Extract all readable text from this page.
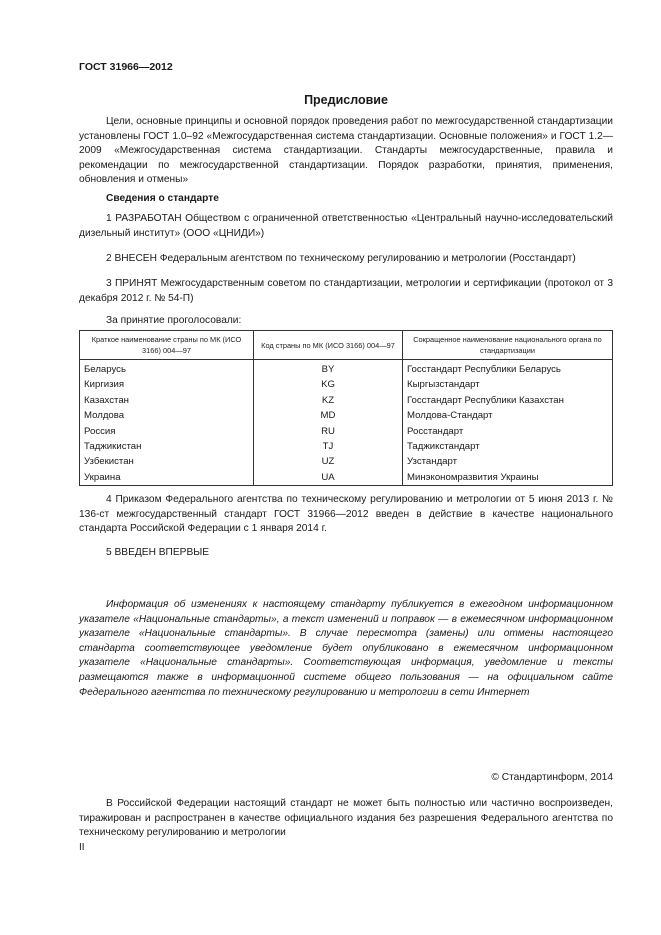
ГОСТ 31966—2012
Предисловие
Цели, основные принципы и основной порядок проведения работ по межгосударственной стандартизации установлены ГОСТ 1.0–92 «Межгосударственная система стандартизации. Основные положения» и ГОСТ 1.2—2009 «Межгосударственная система стандартизации. Стандарты межгосударственные, правила и рекомендации по межгосударственной стандартизации. Порядок разработки, принятия, применения, обновления и отмены»
Сведения о стандарте
1 РАЗРАБОТАН Обществом с ограниченной ответственностью «Центральный научно-исследовательский дизельный институт» (ООО «ЦНИДИ»)
2 ВНЕСЕН Федеральным агентством по техническому регулированию и метрологии (Росстандарт)
3 ПРИНЯТ Межгосударственным советом по стандартизации, метрологии и сертификации (протокол от 3 декабря 2012 г. № 54-П)
За принятие проголосовали:
Краткое наименование страны по МК (ИСО 3166) 004—97	Код страны по МК (ИСО 3166) 004—97	Сокращенное наименование национального органа по стандартизации
Беларусь	BY	Госстандарт Республики Беларусь
Киргизия	KG	Кыргызстандарт
Казахстан	KZ	Госстандарт Республики Казахстан
Молдова	MD	Молдова-Стандарт
Россия	RU	Росстандарт
Таджикистан	TJ	Таджикстандарт
Узбекистан	UZ	Узстандарт
Украина	UA	Минэкономразвития Украины
4 Приказом Федерального агентства по техническому регулированию и метрологии от 5 июня 2013 г. № 136-ст межгосударственный стандарт ГОСТ 31966—2012 введен в действие в качестве национального стандарта Российской Федерации с 1 января 2014 г.
5 ВВЕДЕН ВПЕРВЫЕ
Информация об изменениях к настоящему стандарту публикуется в ежегодном информационном указателе «Национальные стандарты», а текст изменений и поправок — в ежемесячном информационном указателе «Национальные стандарты». В случае пересмотра (замены) или отмены настоящего стандарта соответствующее уведомление будет опубликовано в ежемесячном информационном указателе «Национальные стандарты». Соответствующая информация, уведомление и тексты размещаются также в информационной системе общего пользования — на официальном сайте Федерального агентства по техническому регулированию и метрологии в сети Интернет
© Стандартинформ, 2014
В Российской Федерации настоящий стандарт не может быть полностью или частично воспроизведен, тиражирован и распространен в качестве официального издания без разрешения Федерального агентства по техническому регулированию и метрологии
II
